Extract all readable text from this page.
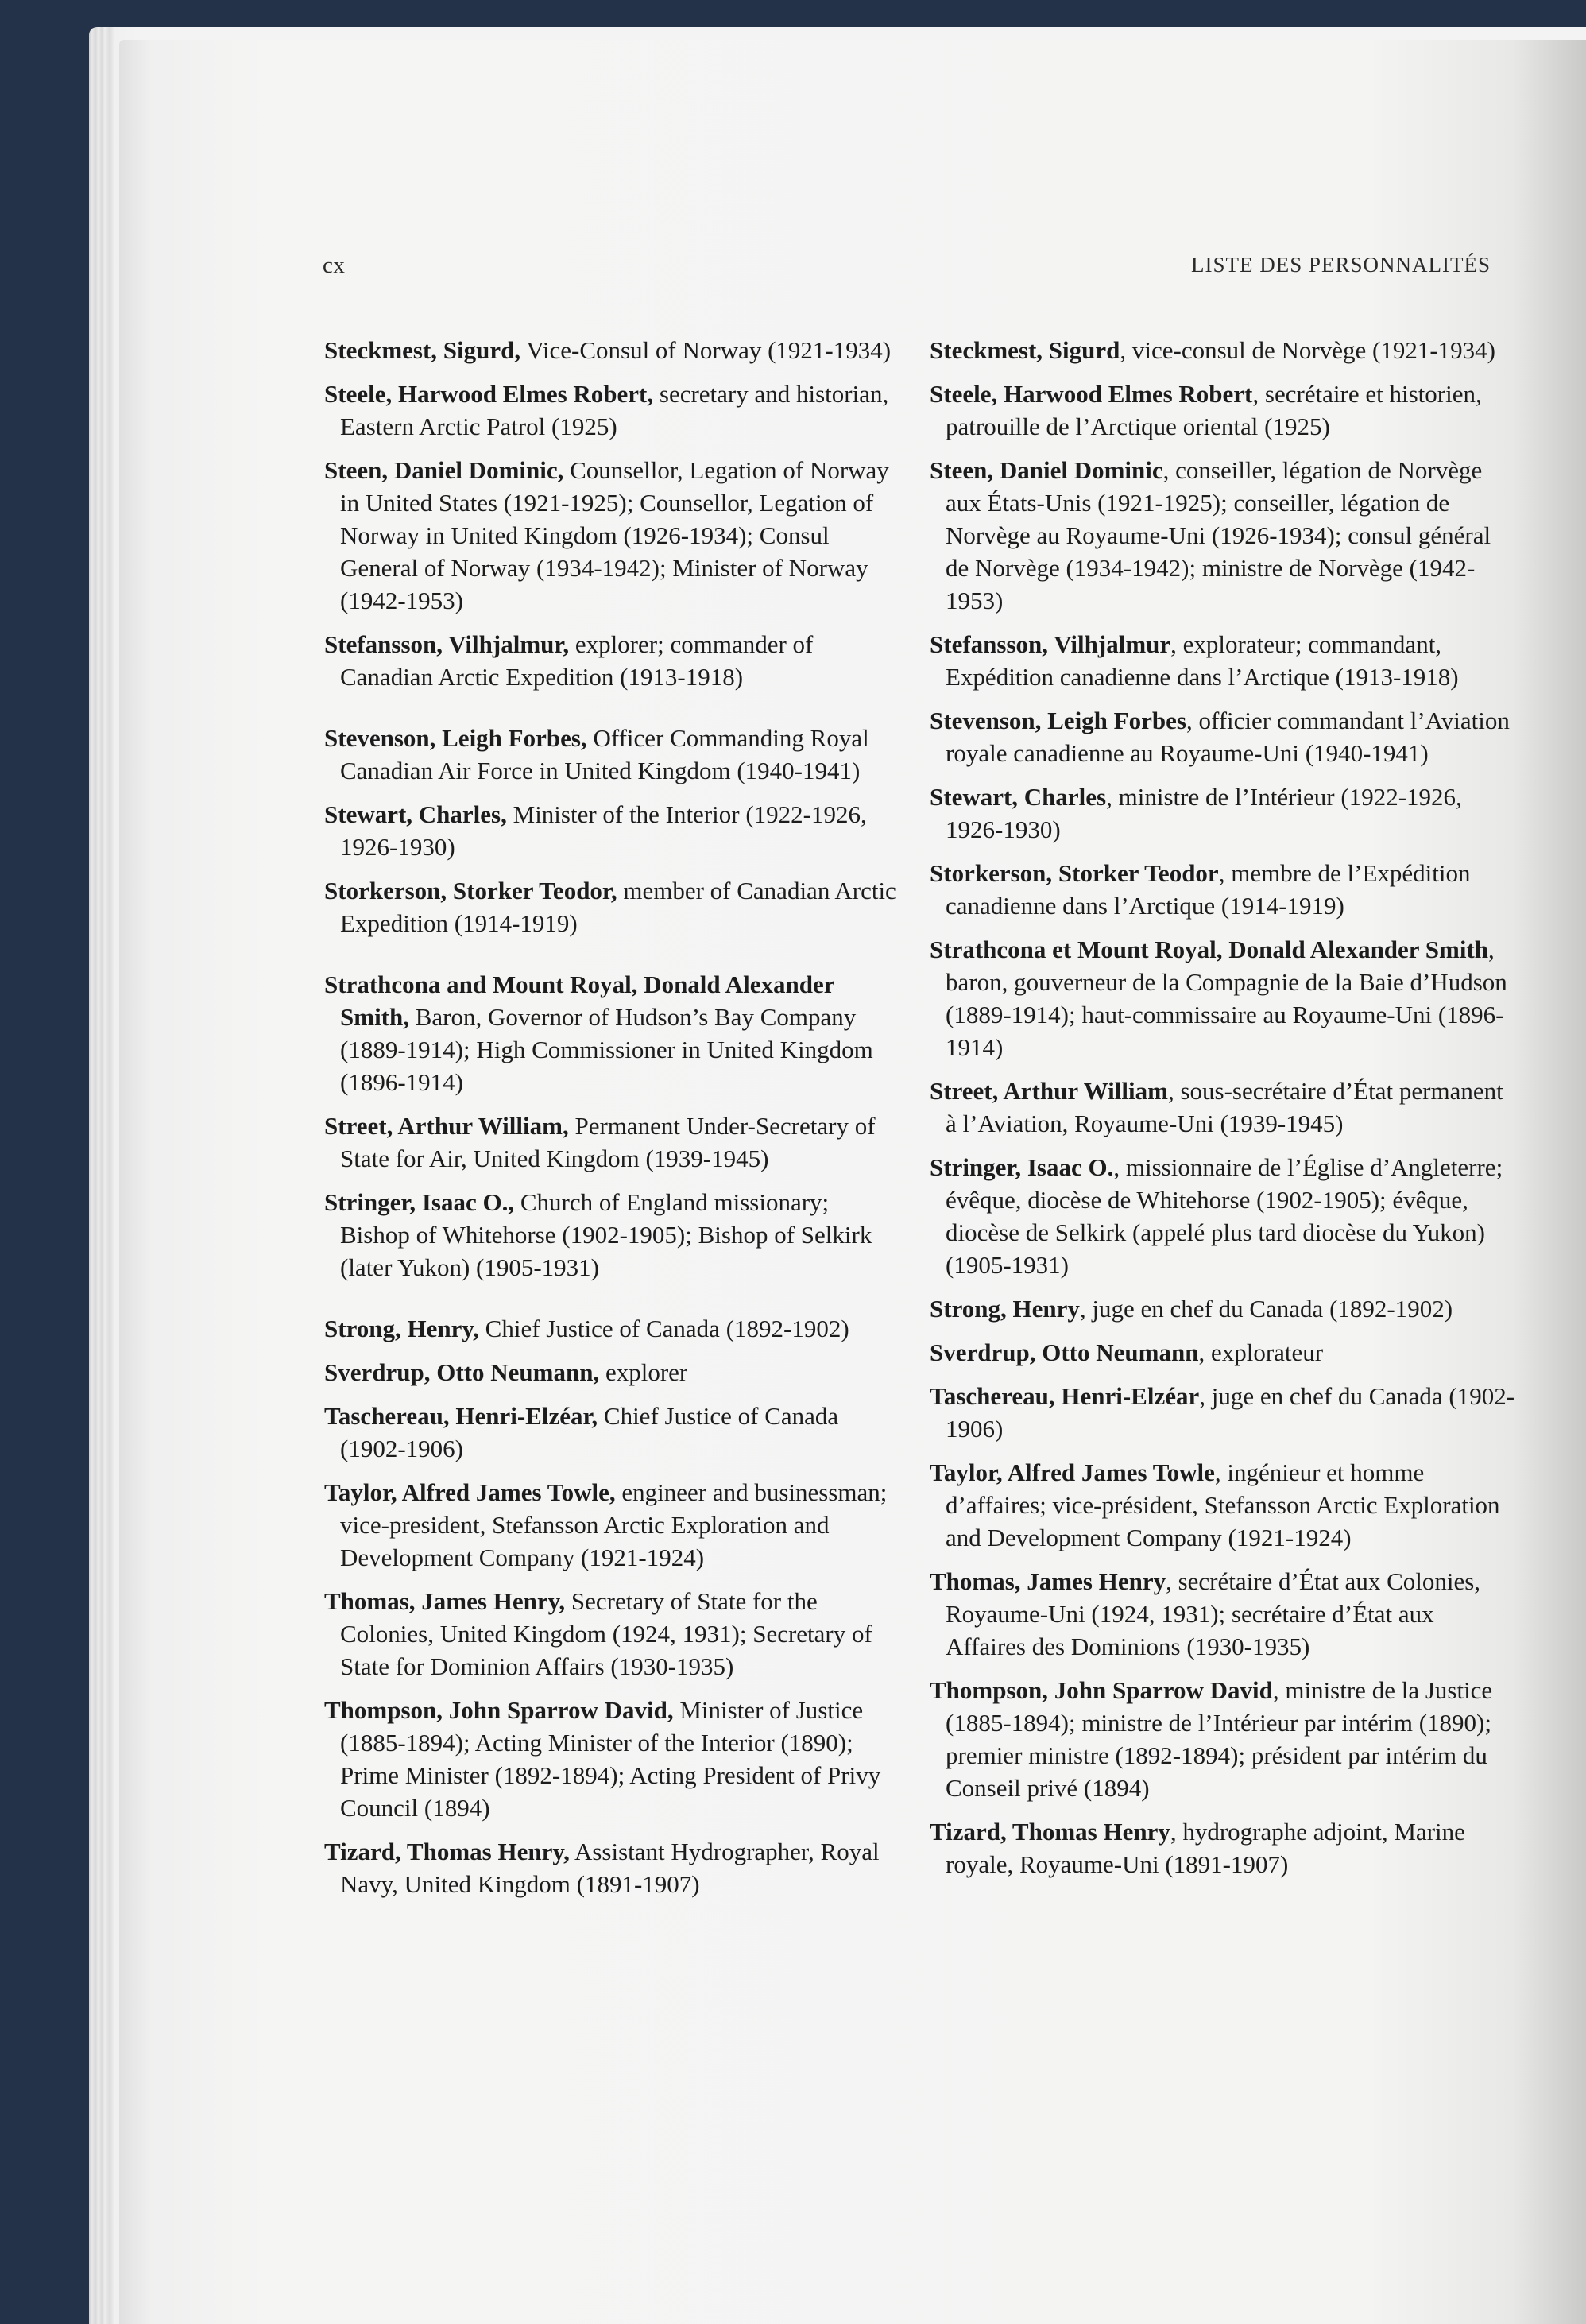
cx	LISTE DES PERSONNALITÉS

Steckmest, Sigurd, Vice-Consul of Norway (1921-1934)

Steele, Harwood Elmes Robert, secretary and historian, Eastern Arctic Patrol (1925)

Steen, Daniel Dominic, Counsellor, Legation of Norway in United States (1921-1925); Counsellor, Legation of Norway in United Kingdom (1926-1934); Consul General of Norway (1934-1942); Minister of Norway (1942-1953)

Stefansson, Vilhjalmur, explorer; commander of Canadian Arctic Expedition (1913-1918)

Stevenson, Leigh Forbes, Officer Commanding Royal Canadian Air Force in United Kingdom (1940-1941)

Stewart, Charles, Minister of the Interior (1922-1926, 1926-1930)

Storkerson, Storker Teodor, member of Canadian Arctic Expedition (1914-1919)

Strathcona and Mount Royal, Donald Alexander Smith, Baron, Governor of Hudson’s Bay Company (1889-1914); High Commissioner in United Kingdom (1896-1914)

Street, Arthur William, Permanent Under-Secretary of State for Air, United Kingdom (1939-1945)

Stringer, Isaac O., Church of England missionary; Bishop of Whitehorse (1902-1905); Bishop of Selkirk (later Yukon) (1905-1931)

Strong, Henry, Chief Justice of Canada (1892-1902)

Sverdrup, Otto Neumann, explorer

Taschereau, Henri-Elzéar, Chief Justice of Canada (1902-1906)

Taylor, Alfred James Towle, engineer and businessman; vice-president, Stefansson Arctic Exploration and Development Company (1921-1924)

Thomas, James Henry, Secretary of State for the Colonies, United Kingdom (1924, 1931); Secretary of State for Dominion Affairs (1930-1935)

Thompson, John Sparrow David, Minister of Justice (1885-1894); Acting Minister of the Interior (1890); Prime Minister (1892-1894); Acting President of Privy Council (1894)

Tizard, Thomas Henry, Assistant Hydrographer, Royal Navy, United Kingdom (1891-1907)

Steckmest, Sigurd, vice-consul de Norvège (1921-1934)

Steele, Harwood Elmes Robert, secrétaire et historien, patrouille de l’Arctique oriental (1925)

Steen, Daniel Dominic, conseiller, légation de Norvège aux États-Unis (1921-1925); conseiller, légation de Norvège au Royaume-Uni (1926-1934); consul général de Norvège (1934-1942); ministre de Norvège (1942-1953)

Stefansson, Vilhjalmur, explorateur; commandant, Expédition canadienne dans l’Arctique (1913-1918)

Stevenson, Leigh Forbes, officier commandant l’Aviation royale canadienne au Royaume-Uni (1940-1941)

Stewart, Charles, ministre de l’Intérieur (1922-1926, 1926-1930)

Storkerson, Storker Teodor, membre de l’Expédition canadienne dans l’Arctique (1914-1919)

Strathcona et Mount Royal, Donald Alexander Smith, baron, gouverneur de la Compagnie de la Baie d’Hudson (1889-1914); haut-commissaire au Royaume-Uni (1896-1914)

Street, Arthur William, sous-secrétaire d’État permanent à l’Aviation, Royaume-Uni (1939-1945)

Stringer, Isaac O., missionnaire de l’Église d’Angleterre; évêque, diocèse de Whitehorse (1902-1905); évêque, diocèse de Selkirk (appelé plus tard diocèse du Yukon) (1905-1931)

Strong, Henry, juge en chef du Canada (1892-1902)

Sverdrup, Otto Neumann, explorateur

Taschereau, Henri-Elzéar, juge en chef du Canada (1902-1906)

Taylor, Alfred James Towle, ingénieur et homme d’affaires; vice-président, Stefansson Arctic Exploration and Development Company (1921-1924)

Thomas, James Henry, secrétaire d’État aux Colonies, Royaume-Uni (1924, 1931); secrétaire d’État aux Affaires des Dominions (1930-1935)

Thompson, John Sparrow David, ministre de la Justice (1885-1894); ministre de l’Intérieur par intérim (1890); premier ministre (1892-1894); président par intérim du Conseil privé (1894)

Tizard, Thomas Henry, hydrographe adjoint, Marine royale, Royaume-Uni (1891-1907)
